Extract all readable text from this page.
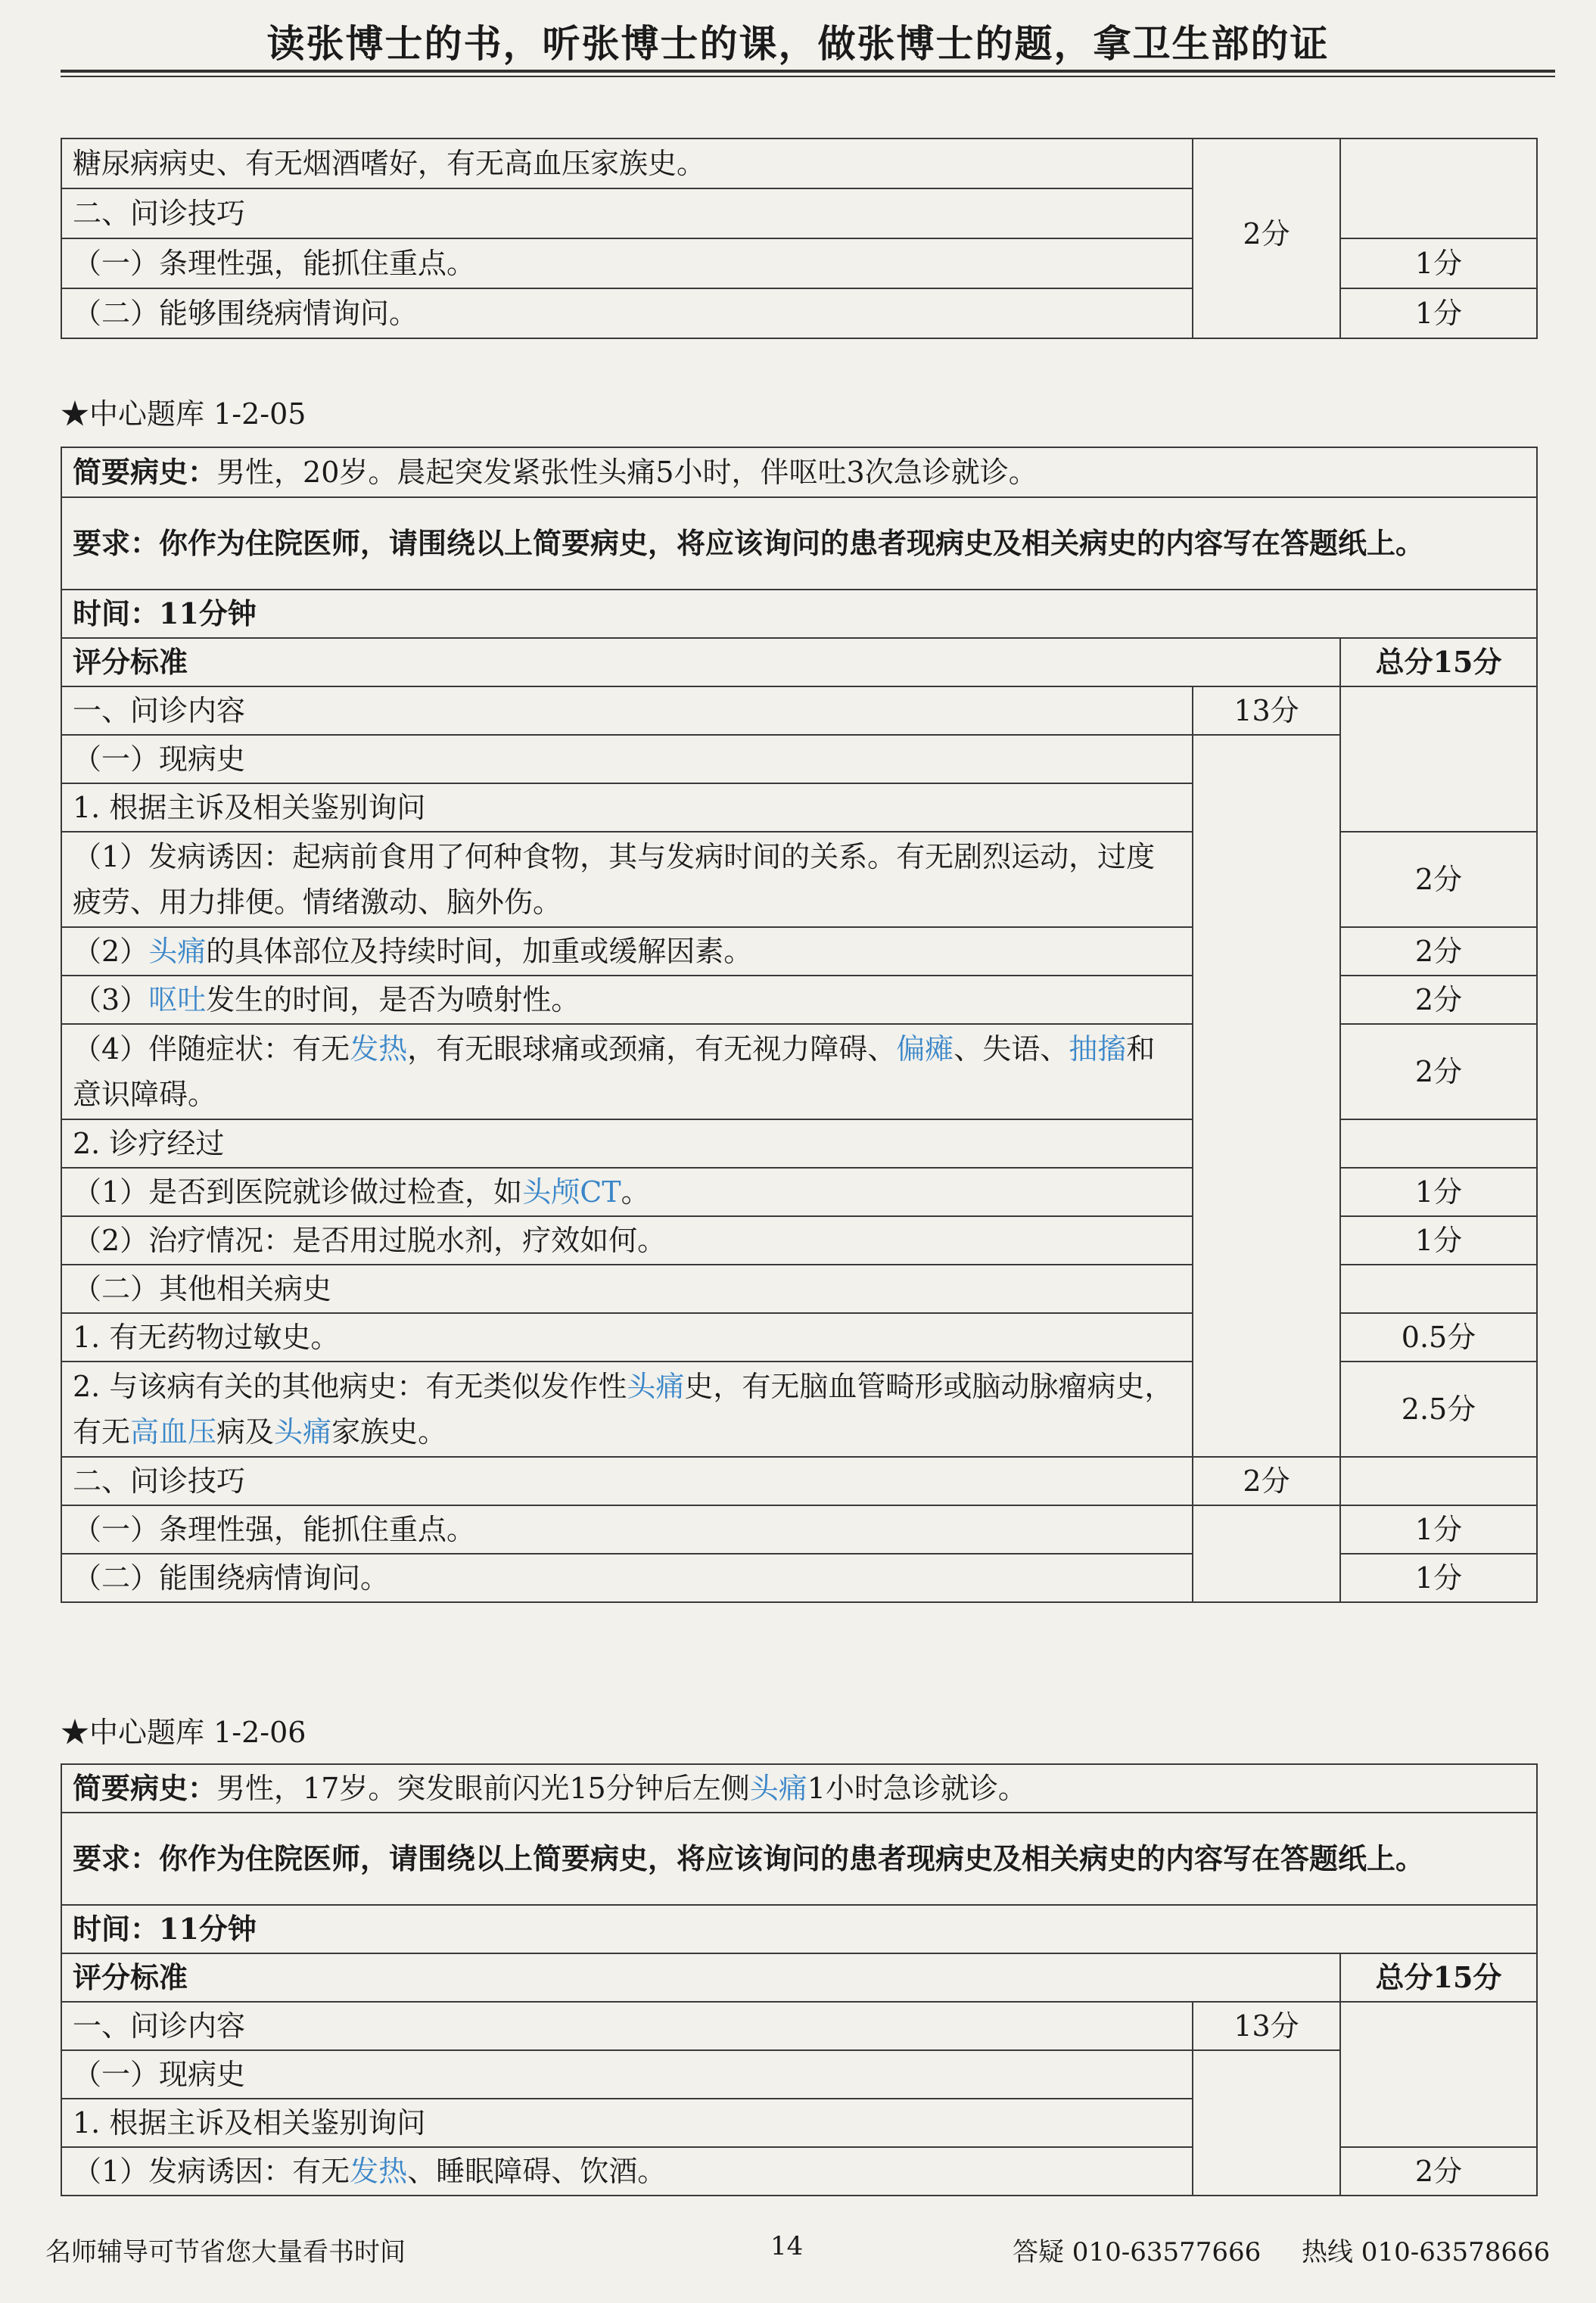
读张博士的书，听张博士的课，做张博士的题，拿卫生部的证
糖尿病病史、有无烟酒嗜好，有无高血压家族史。	2分	
二、问诊技巧		
（一）条理性强，能抓住重点。		1分
（二）能够围绕病情询问。		1分
★中心题库 1-2-05
简要病史：男性，20岁。晨起突发紧张性头痛5小时，伴呕吐3次急诊就诊。		
要求：你作为住院医师，请围绕以上简要病史，将应该询问的患者现病史及相关病史的内容写在答题纸上。		
时间：11分钟		
评分标准		总分15分
一、问诊内容	13分	
（一）现病史		
1. 根据主诉及相关鉴别询问		
（1）发病诱因：起病前食用了何种食物，其与发病时间的关系。有无剧烈运动，过度疲劳、用力排便。情绪激动、脑外伤。		2分
（2）头痛的具体部位及持续时间，加重或缓解因素。		2分
（3）呕吐发生的时间，是否为喷射性。		2分
（4）伴随症状：有无发热，有无眼球痛或颈痛，有无视力障碍、偏瘫、失语、抽搐和意识障碍。		2分
2. 诊疗经过		
（1）是否到医院就诊做过检查，如头颅CT。		1分
（2）治疗情况：是否用过脱水剂，疗效如何。		1分
（二）其他相关病史		
1. 有无药物过敏史。		0.5分
2. 与该病有关的其他病史：有无类似发作性头痛史，有无脑血管畸形或脑动脉瘤病史，有无高血压病及头痛家族史。		2.5分
二、问诊技巧	2分	
（一）条理性强，能抓住重点。		1分
（二）能围绕病情询问。		1分
★中心题库 1-2-06
简要病史：男性，17岁。突发眼前闪光15分钟后左侧头痛1小时急诊就诊。		
要求：你作为住院医师，请围绕以上简要病史，将应该询问的患者现病史及相关病史的内容写在答题纸上。		
时间：11分钟		
评分标准		总分15分
一、问诊内容	13分	
（一）现病史		
1. 根据主诉及相关鉴别询问		
（1）发病诱因：有无发热、睡眠障碍、饮酒。		2分
名师辅导可节省您大量看书时间	14	答疑 010-63577666 热线 010-63578666
